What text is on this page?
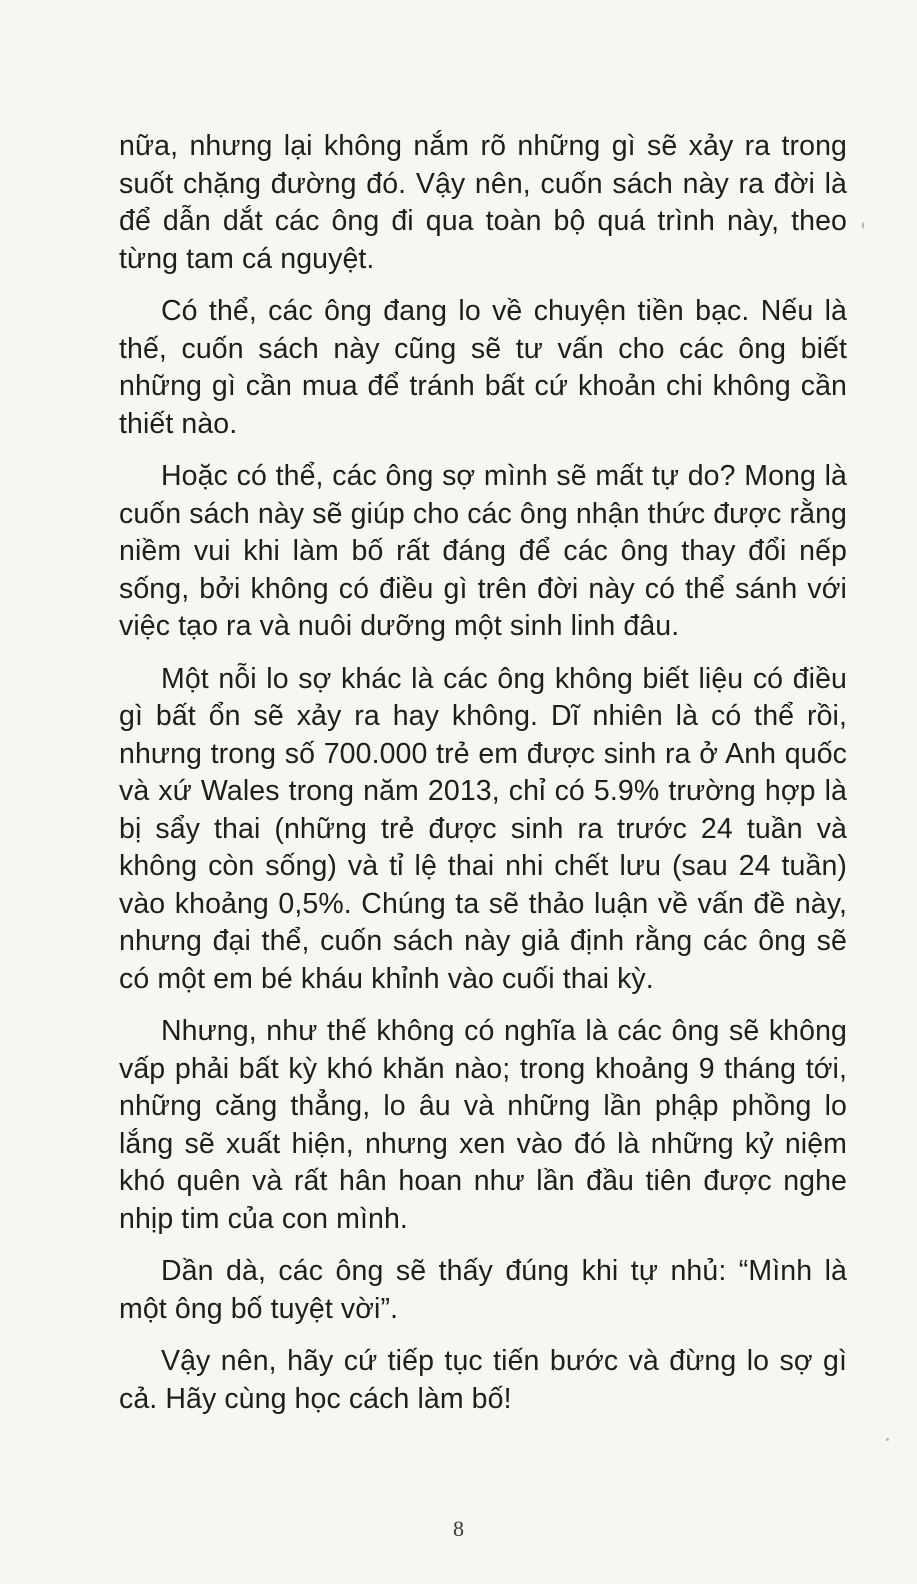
nữa, nhưng lại không nắm rõ những gì sẽ xảy ra trong suốt chặng đường đó. Vậy nên, cuốn sách này ra đời là để dẫn dắt các ông đi qua toàn bộ quá trình này, theo từng tam cá nguyệt.

Có thể, các ông đang lo về chuyện tiền bạc. Nếu là thế, cuốn sách này cũng sẽ tư vấn cho các ông biết những gì cần mua để tránh bất cứ khoản chi không cần thiết nào.

Hoặc có thể, các ông sợ mình sẽ mất tự do? Mong là cuốn sách này sẽ giúp cho các ông nhận thức được rằng niềm vui khi làm bố rất đáng để các ông thay đổi nếp sống, bởi không có điều gì trên đời này có thể sánh với việc tạo ra và nuôi dưỡng một sinh linh đâu.

Một nỗi lo sợ khác là các ông không biết liệu có điều gì bất ổn sẽ xảy ra hay không. Dĩ nhiên là có thể rồi, nhưng trong số 700.000 trẻ em được sinh ra ở Anh quốc và xứ Wales trong năm 2013, chỉ có 5.9% trường hợp là bị sẩy thai (những trẻ được sinh ra trước 24 tuần và không còn sống) và tỉ lệ thai nhi chết lưu (sau 24 tuần) vào khoảng 0,5%. Chúng ta sẽ thảo luận về vấn đề này, nhưng đại thể, cuốn sách này giả định rằng các ông sẽ có một em bé kháu khỉnh vào cuối thai kỳ.

Nhưng, như thế không có nghĩa là các ông sẽ không vấp phải bất kỳ khó khăn nào; trong khoảng 9 tháng tới, những căng thẳng, lo âu và những lần phập phồng lo lắng sẽ xuất hiện, nhưng xen vào đó là những kỷ niệm khó quên và rất hân hoan như lần đầu tiên được nghe nhịp tim của con mình.

Dần dà, các ông sẽ thấy đúng khi tự nhủ: “Mình là một ông bố tuyệt vời”.

Vậy nên, hãy cứ tiếp tục tiến bước và đừng lo sợ gì cả. Hãy cùng học cách làm bố!

8
